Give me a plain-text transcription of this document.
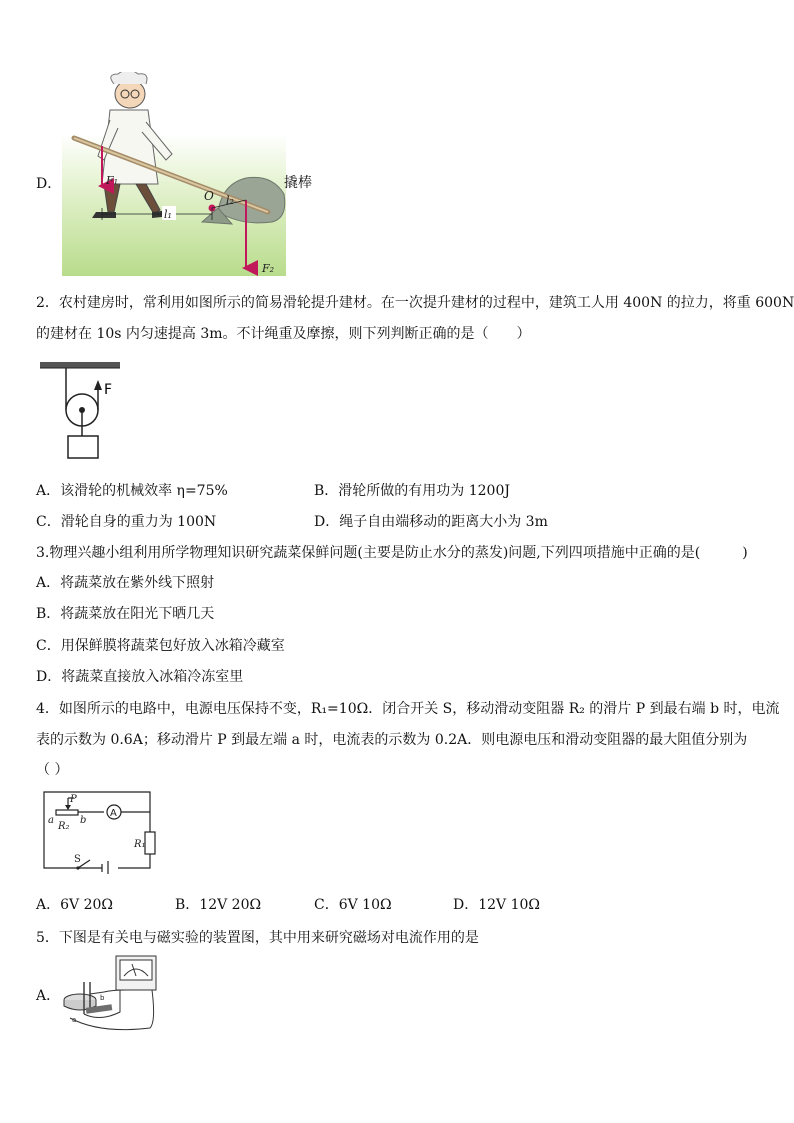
D．
O
F₁
F₂
l₁
l₂
撬棒
2．农村建房时，常利用如图所示的简易滑轮提升建材。在一次提升建材的过程中，建筑工人用 400N 的拉力，将重 600N
的建材在 10s 内匀速提高 3m。不计绳重及摩擦，则下列判断正确的是（　　）
F
A．该滑轮的机械效率 η=75%	B．滑轮所做的有用功为 1200J
C．滑轮自身的重力为 100N	D．绳子自由端移动的距离大小为 3m
3.物理兴趣小组利用所学物理知识研究蔬菜保鲜问题(主要是防止水分的蒸发)问题,下列四项措施中正确的是(　　　)
A．将蔬菜放在紫外线下照射
B．将蔬菜放在阳光下晒几天
C．用保鲜膜将蔬菜包好放入冰箱冷藏室
D．将蔬菜直接放入冰箱冷冻室里
4．如图所示的电路中，电源电压保持不变，R₁=10Ω．闭合开关 S，移动滑动变阻器 R₂ 的滑片 P 到最右端 b 时，电流
表的示数为 0.6A；移动滑片 P 到最左端 a 时，电流表的示数为 0.2A．则电源电压和滑动变阻器的最大阻值分别为
（ ）
P
a	b
R₂
R₁
S
A
A．6V 20Ω	B．12V 20Ω	C．6V 10Ω	D．12V 10Ω
5．下图是有关电与磁实验的装置图，其中用来研究磁场对电流作用的是
A．
a
b
